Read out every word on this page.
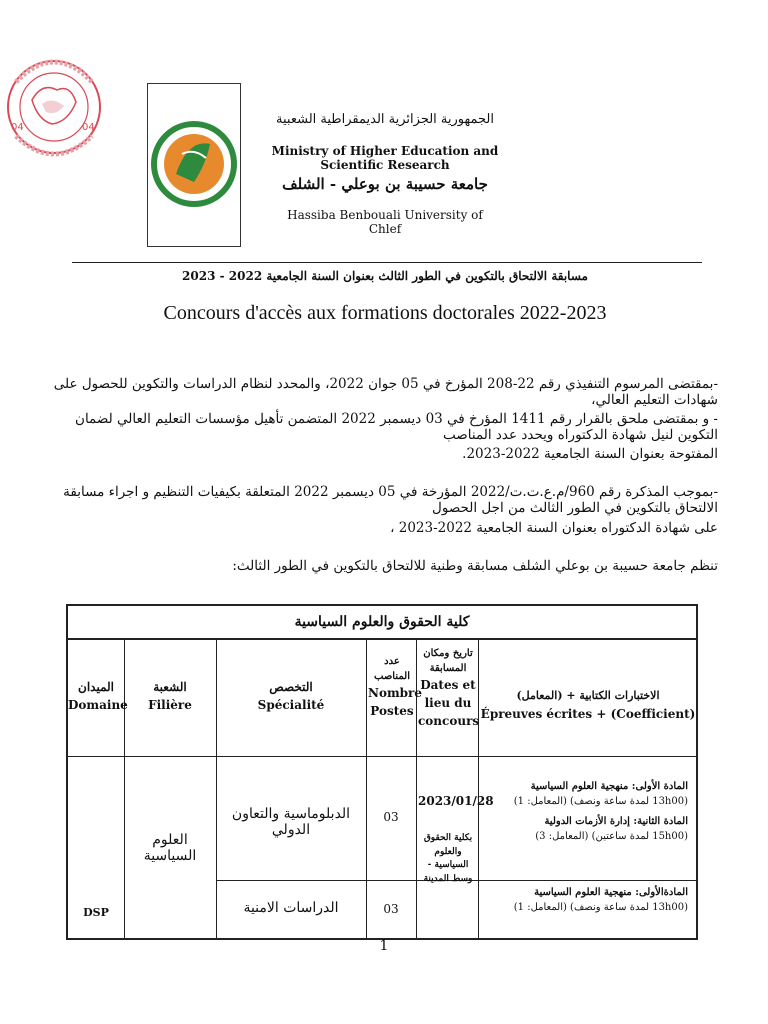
04	04
الجمهورية الجزائرية الديمقراطية الشعبية
Ministry of Higher Education and Scientific Research
جامعة حسيبة بن بوعلي - الشلف
Hassiba Benbouali University of Chlef
مسابقة الالتحاق بالتكوين في الطور الثالث بعنوان السنة الجامعية 2022 - 2023
Concours d'accès aux formations doctorales 2022-2023
-بمقتضى المرسوم التنفيذي رقم 22-208 المؤرخ في 05 جوان 2022، والمحدد لنظام الدراسات والتكوين للحصول على شهادات التعليم العالي،
- و بمقتضى ملحق بالقرار رقم 1411 المؤرخ في 03 ديسمبر 2022 المتضمن تأهيل مؤسسات التعليم العالي لضمان التكوين لنيل شهادة الدكتوراه ويحدد عدد المناصب
المفتوحة بعنوان السنة الجامعية 2022-2023.
-بموجب المذكرة رقم 960/م.ع.ت.ت/2022 المؤرخة في 05 ديسمبر 2022 المتعلقة بكيفيات التنظيم و اجراء مسابقة الالتحاق بالتكوين في الطور الثالث من اجل الحصول
على شهادة الدكتوراه بعنوان السنة الجامعية 2022-2023 ،
تنظم جامعة حسيبة بن بوعلي الشلف مسابقة وطنية للالتحاق بالتكوين في الطور الثالث:
كلية الحقوق والعلوم السياسية
الميدان
Domaine
الشعبة
Filière
التخصص
Spécialité
عدد المناصب
Nombre Postes
تاريخ ومكان المسابقة
Dates et lieu du concours
الاختبارات الكتابية + (المعامل)
Épreuves écrites + (Coefficient)
DSP
العلوم السياسية
2023/01/28
بكلية الحقوق والعلوم السياسية - وسط المدينة
الدبلوماسية والتعاون الدولي
03
المادة الأولى: منهجية العلوم السياسية
(13h00 لمدة ساعة ونصف) (المعامل: 1)
المادة الثانية: إدارة الأزمات الدولية
(15h00 لمدة ساعتين) (المعامل: 3)
الدراسات الامنية	03
المادةالأولى: منهجية العلوم السياسية
(13h00 لمدة ساعة ونصف) (المعامل: 1)
1
